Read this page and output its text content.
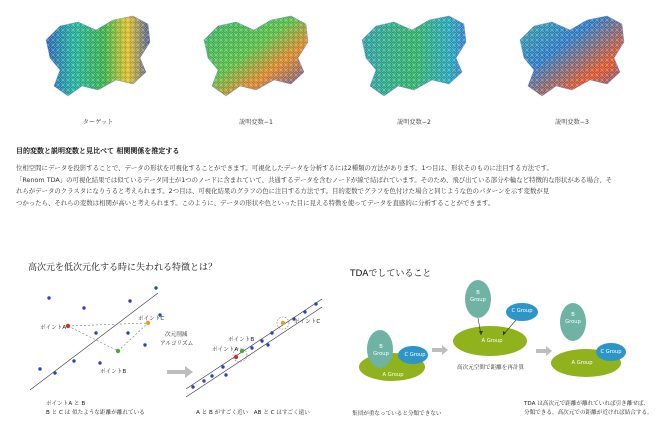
ターゲット	説明変数−1	説明変数−2	説明変数−3
目的変数と説明変数と見比べて 相関関係を推定する
位相空間にデータを投影することで、データの形状を可視化することができます。可視化したデータを分析するには2種類の方法があります。1つ目は、形状そのものに注目する方法です。
「Renom TDA」の可視化結果では似ているデータ同士が1つのノードに含まれていて、共通するデータを含むノードが線で結ばれています。そのため、飛び出ている部分や輪など特徴的な形状がある場合、そ
れらがデータのクラスタになりうると考えられます。2つ目は、可視化結果のグラフの色に注目する方法です。目的変数でグラフを色付けた場合と同じような色のパターンを示す変数が見
つかったら、それらの変数は相関が高いと考えられます。このように、データの形状や色といった目に見える特徴を使ってデータを直感的に分析することができます。
高次元を低次元化する時に失われる特徴とは？
ポイントA
ポイントB
ポイントC
次元削減
アルゴリズム
ポイントB
ポイントA
ポイントC
ポイントA と B
B と C は 似たような距離が離れている	A と B がすごく近い　AB と C はすごく遠い
TDAでしていること
B
Group	C Group
A Group
B
Group
C Group
A Group
B
Group
C Group
A Group
集団が重なっていると分類できない
高次元空間で距離を再計算
TDA は高次元で距離が離れていれば引き離せば、
分類できる。高次元での距離が近ければ結合する。
